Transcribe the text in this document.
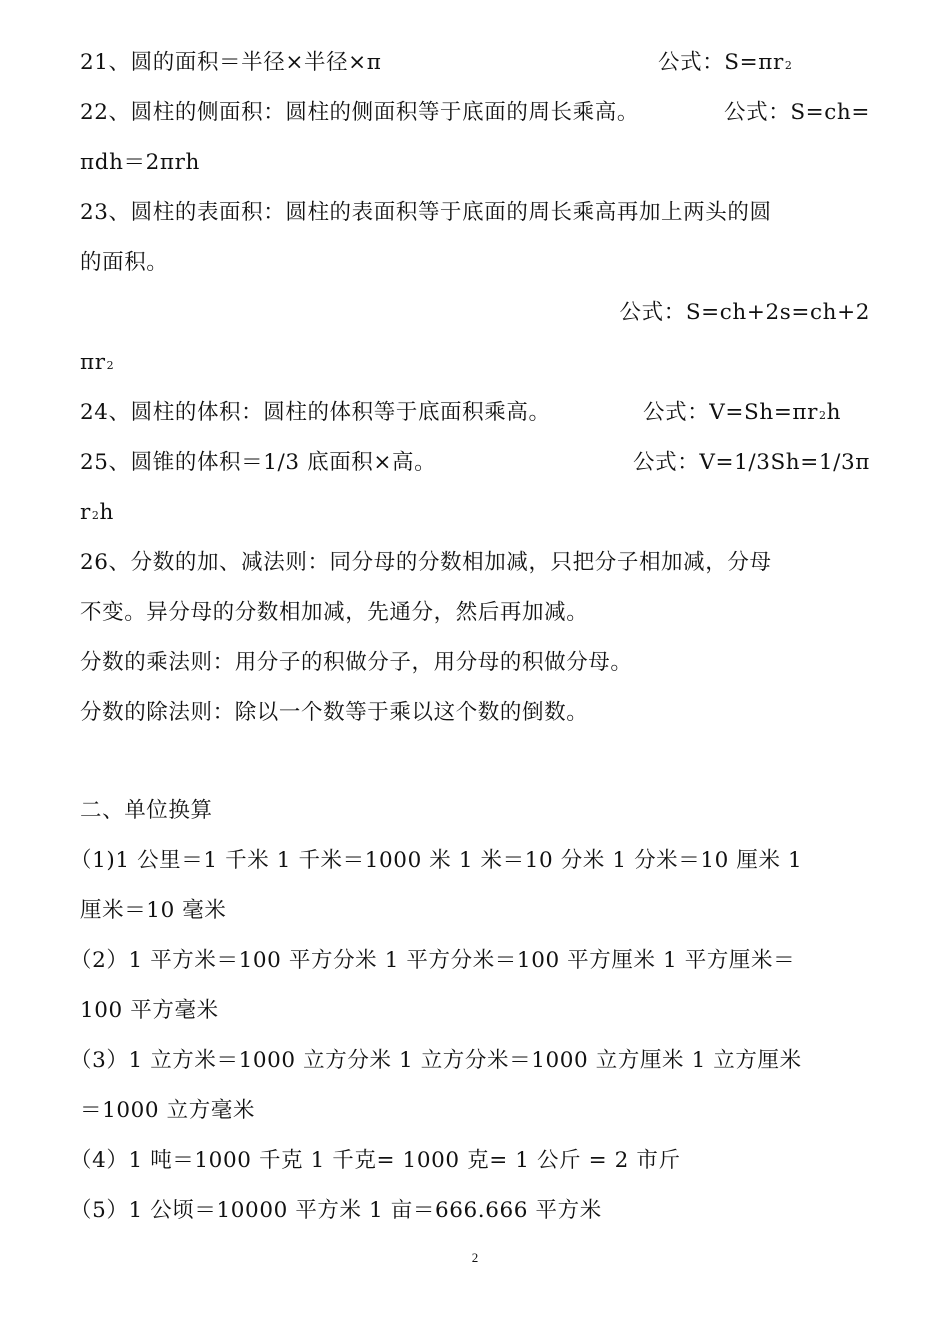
21、圆的面积＝半径×半径×π	公式：S=πr2
22、圆柱的侧面积：圆柱的侧面积等于底面的周长乘高。	公式：S=ch=
πdh＝2πrh
23、圆柱的表面积：圆柱的表面积等于底面的周长乘高再加上两头的圆
的面积。
公式：S=ch+2s=ch+2
πr2
24、圆柱的体积：圆柱的体积等于底面积乘高。	公式：V=Sh=πr2h
25、圆锥的体积＝1/3 底面积×高。	公式：V=1/3Sh=1/3π
r2h
26、分数的加、减法则：同分母的分数相加减，只把分子相加减，分母
不变。异分母的分数相加减，先通分，然后再加减。
分数的乘法则：用分子的积做分子，用分母的积做分母。
分数的除法则：除以一个数等于乘以这个数的倒数。
二、单位换算
（1)1 公里＝1 千米 1 千米＝1000 米 1 米＝10 分米 1 分米＝10 厘米 1
厘米＝10 毫米
（2）1 平方米＝100 平方分米 1 平方分米＝100 平方厘米 1 平方厘米＝
100 平方毫米
（3）1 立方米＝1000 立方分米 1 立方分米＝1000 立方厘米 1 立方厘米
＝1000 立方毫米
（4）1 吨＝1000 千克 1 千克= 1000 克= 1 公斤 = 2 市斤
（5）1 公顷＝10000 平方米 1 亩＝666.666 平方米
2
